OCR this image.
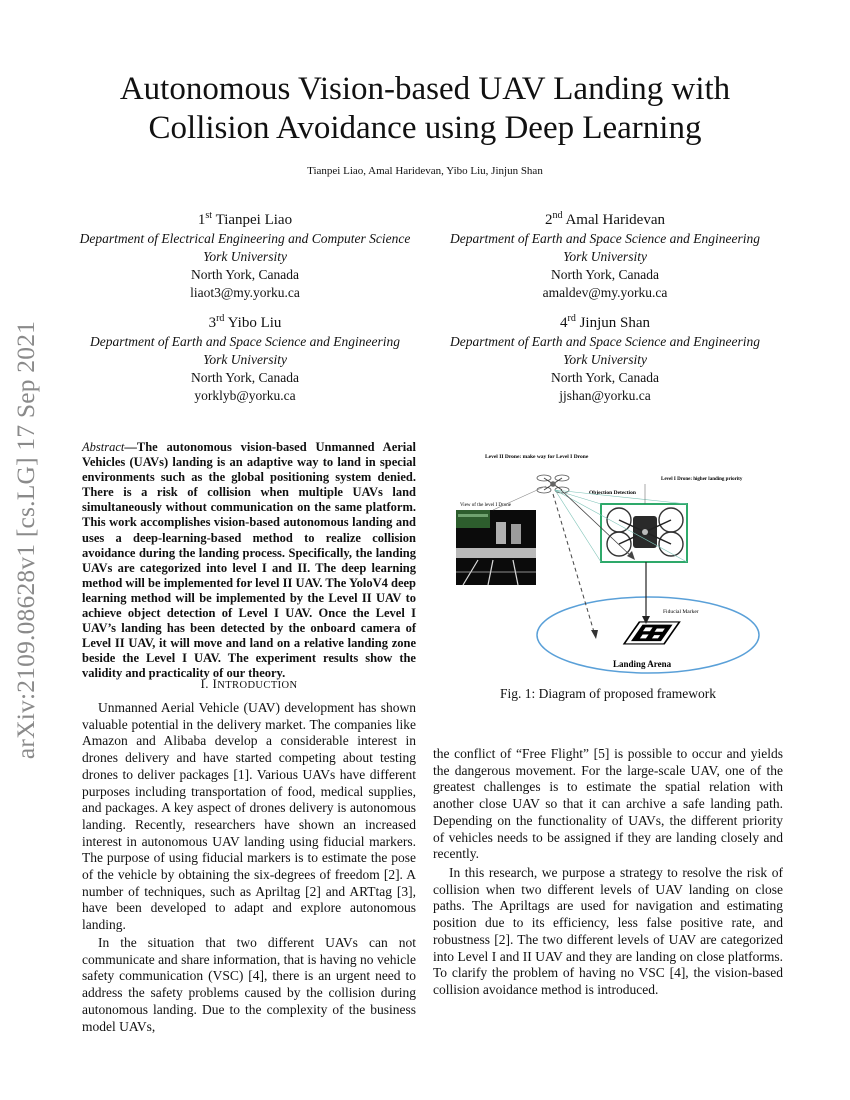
arXiv:2109.08628v1 [cs.LG] 17 Sep 2021
Autonomous Vision-based UAV Landing with Collision Avoidance using Deep Learning
Tianpei Liao, Amal Haridevan, Yibo Liu, Jinjun Shan
1st Tianpei Liao
Department of Electrical Engineering and Computer Science
York University
North York, Canada
liaot3@my.yorku.ca
2nd Amal Haridevan
Department of Earth and Space Science and Engineering
York University
North York, Canada
amaldev@my.yorku.ca
3rd Yibo Liu
Department of Earth and Space Science and Engineering
York University
North York, Canada
yorklyb@yorku.ca
4rd Jinjun Shan
Department of Earth and Space Science and Engineering
York University
North York, Canada
jjshan@yorku.ca
Abstract—The autonomous vision-based Unmanned Aerial Vehicles (UAVs) landing is an adaptive way to land in special environments such as the global positioning system denied. There is a risk of collision when multiple UAVs land simultaneously without communication on the same platform. This work accomplishes vision-based autonomous landing and uses a deep-learning-based method to realize collision avoidance during the landing process. Specifically, the landing UAVs are categorized into level I and II. The deep learning method will be implemented for level II UAV. The YoloV4 deep learning method will be implemented by the Level II UAV to achieve object detection of Level I UAV. Once the Level I UAV’s landing has been detected by the onboard camera of Level II UAV, it will move and land on a relative landing zone beside the Level I UAV. The experiment results show the validity and practicality of our theory.
I. INTRODUCTION

Unmanned Aerial Vehicle (UAV) development has shown valuable potential in the delivery market. The companies like Amazon and Alibaba develop a considerable interest in drones delivery and have started competing about testing drones to deliver packages [1]. Various UAVs have different purposes including transportation of food, medical supplies, and packages. A key aspect of drones delivery is autonomous landing. Recently, researchers have shown an increased interest in autonomous UAV landing using fiducial markers. The purpose of using fiducial markers is to estimate the pose of the vehicle by obtaining the six-degrees of freedom [2]. A number of techniques, such as Apriltag [2] and ARTtag [3], have been developed to adapt and explore autonomous landing.

In the situation that two different UAVs can not communicate and share information, that is having no vehicle safety communication (VSC) [4], there is an urgent need to address the safety problems caused by the collision during autonomous landing. Due to the complexity of the business model UAVs,

the conflict of “Free Flight” [5] is possible to occur and yields the dangerous movement. For the large-scale UAV, one of the greatest challenges is to estimate the spatial relation with another close UAV so that it can archive a safe landing path. Depending on the functionality of UAVs, the different priority of vehicles needs to be assigned if they are landing closely and recently.

In this research, we purpose a strategy to resolve the risk of collision when two different levels of UAV landing on close paths. The Apriltags are used for navigation and estimating position due to its efficiency, less false positive rate, and robustness [2]. The two different levels of UAV are categorized into Level I and II UAV and they are landing on close platforms. To clarify the problem of having no VSC [4], the vision-based collision avoidance method is introduced.

Landing Arena
Fiducial Marker
View of the level I Drone
Level II Drone: make way for Level I Drone
Level I Drone: higher landing priority
Objection Detection
Fig. 1: Diagram of proposed framework
